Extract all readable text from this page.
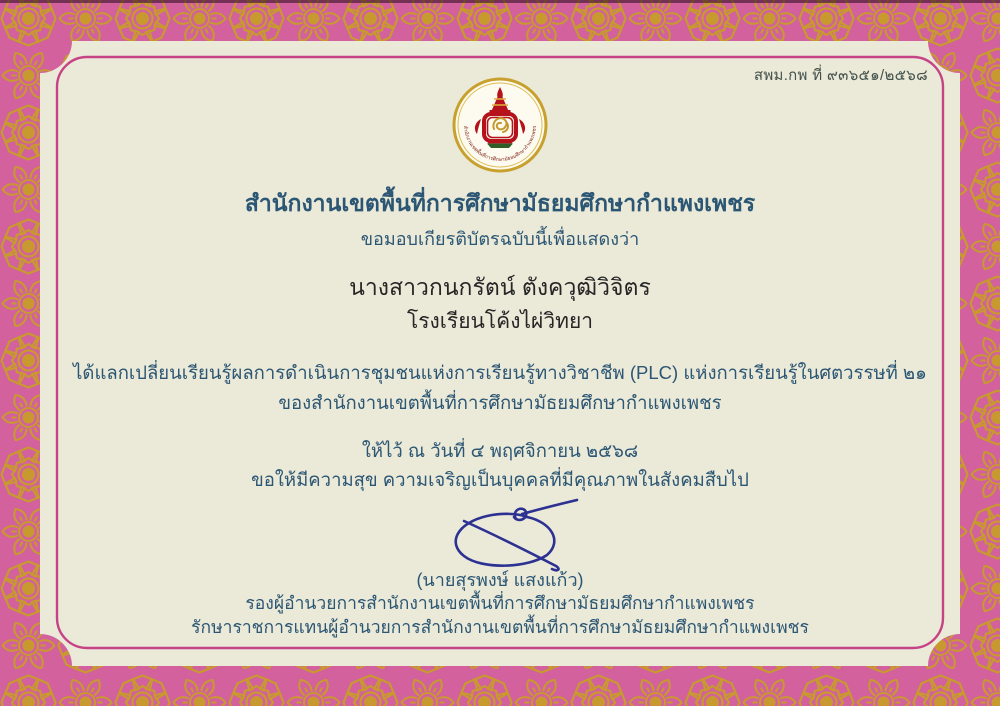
สพม.กพ ที่ ๙๓๖๕๑/๒๕๖๘
สำนักงานเขตพื้นที่การศึกษามัธยมศึกษากำแพงเพชร
สำนักงานเขตพื้นที่การศึกษามัธยมศึกษากำแพงเพชร
ขอมอบเกียรติบัตรฉบับนี้เพื่อแสดงว่า
นางสาวกนกรัตน์ ตังควุฒิวิจิตร
โรงเรียนโค้งไผ่วิทยา
ได้แลกเปลี่ยนเรียนรู้ผลการดำเนินการชุมชนแห่งการเรียนรู้ทางวิชาชีพ (PLC) แห่งการเรียนรู้ในศตวรรษที่ ๒๑
ของสำนักงานเขตพื้นที่การศึกษามัธยมศึกษากำแพงเพชร
ให้ไว้ ณ วันที่ ๔ พฤศจิกายน ๒๕๖๘
ขอให้มีความสุข ความเจริญเป็นบุคคลที่มีคุณภาพในสังคมสืบไป
(นายสุรพงษ์ แสงแก้ว)
รองผู้อำนวยการสำนักงานเขตพื้นที่การศึกษามัธยมศึกษากำแพงเพชร
รักษาราชการแทนผู้อำนวยการสำนักงานเขตพื้นที่การศึกษามัธยมศึกษากำแพงเพชร
